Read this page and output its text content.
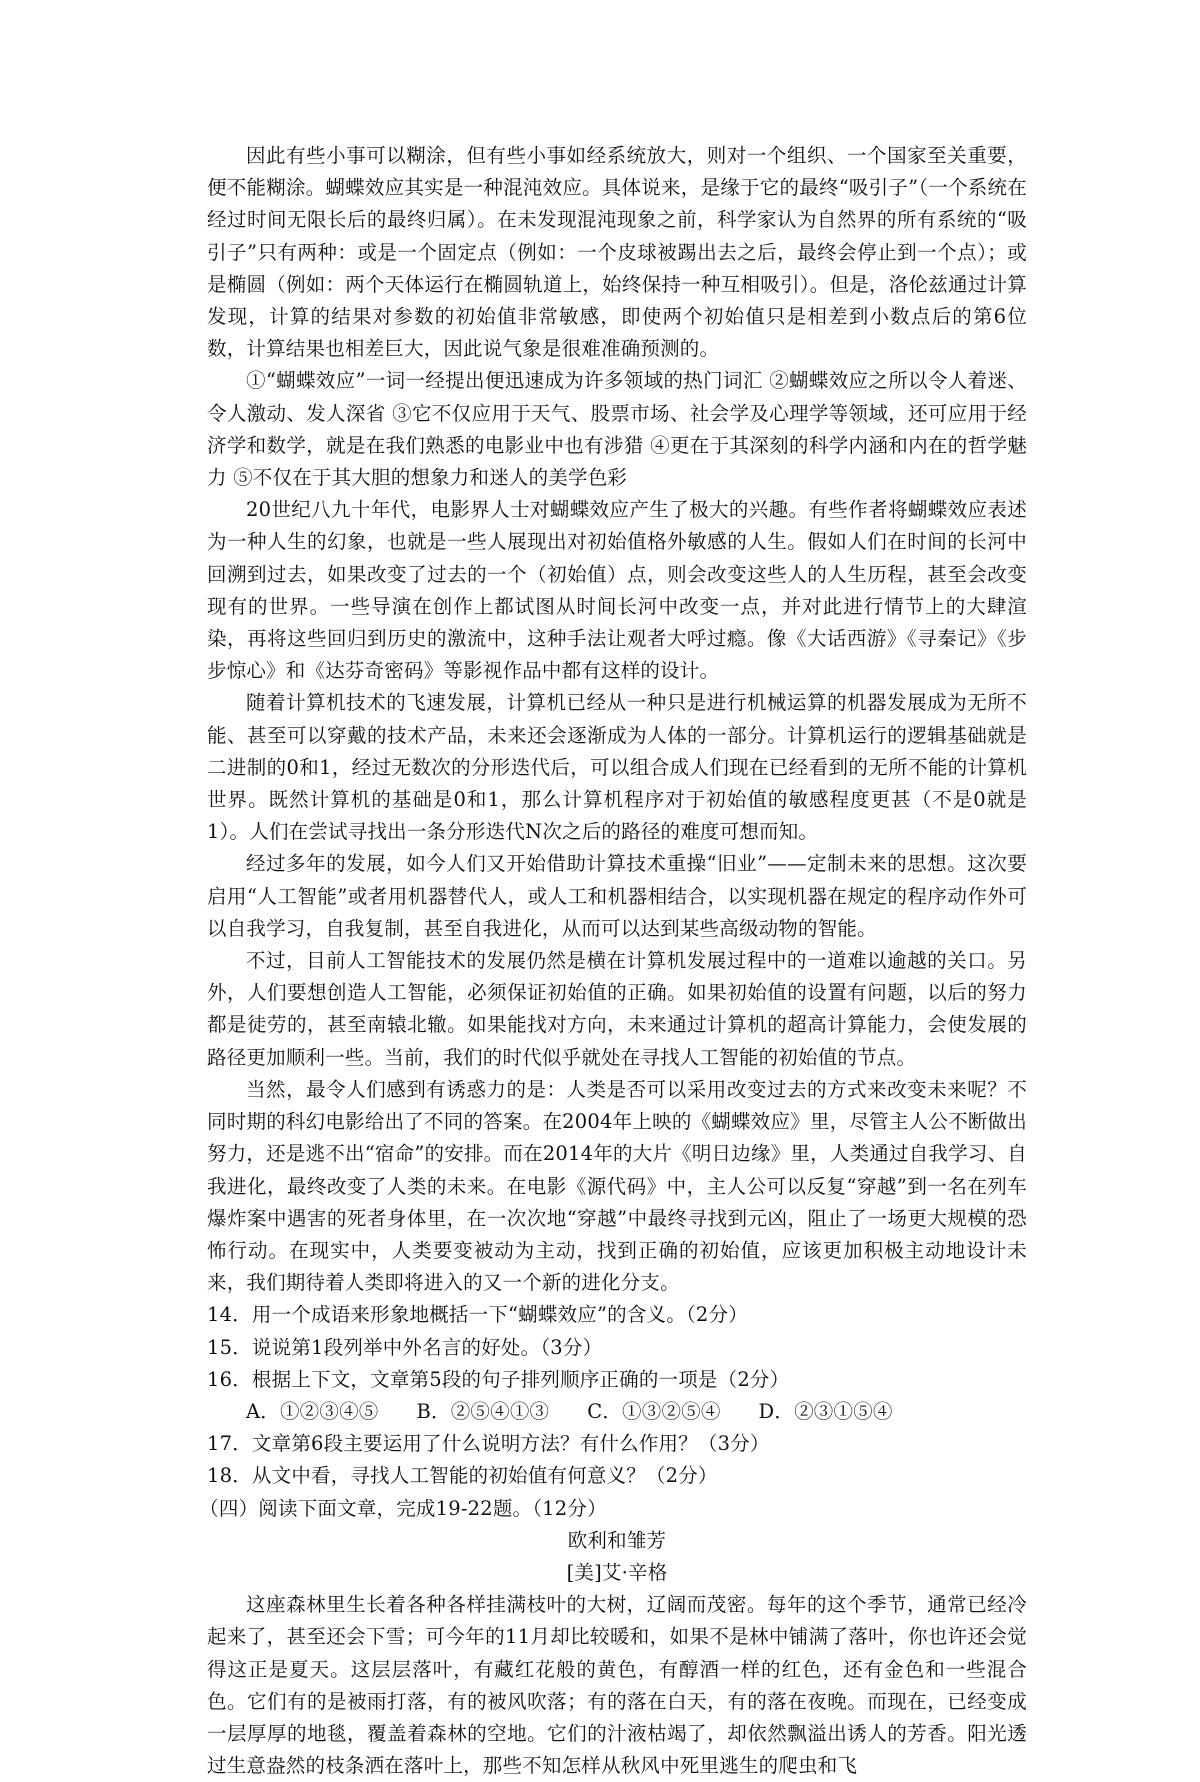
因此有些小事可以糊涂，但有些小事如经系统放大，则对一个组织、一个国家至关重要，便不能糊涂。蝴蝶效应其实是一种混沌效应。具体说来，是缘于它的最终“吸引子”（一个系统在经过时间无限长后的最终归属）。在未发现混沌现象之前，科学家认为自然界的所有系统的“吸引子”只有两种：或是一个固定点（例如：一个皮球被踢出去之后，最终会停止到一个点）；或是椭圆（例如：两个天体运行在椭圆轨道上，始终保持一种互相吸引）。但是，洛伦兹通过计算发现，计算的结果对参数的初始值非常敏感，即使两个初始值只是相差到小数点后的第6位数，计算结果也相差巨大，因此说气象是很难准确预测的。

①“蝴蝶效应”一词一经提出便迅速成为许多领域的热门词汇 ②蝴蝶效应之所以令人着迷、令人激动、发人深省 ③它不仅应用于天气、股票市场、社会学及心理学等领域，还可应用于经济学和数学，就是在我们熟悉的电影业中也有涉猎 ④更在于其深刻的科学内涵和内在的哲学魅力 ⑤不仅在于其大胆的想象力和迷人的美学色彩

20世纪八九十年代，电影界人士对蝴蝶效应产生了极大的兴趣。有些作者将蝴蝶效应表述为一种人生的幻象，也就是一些人展现出对初始值格外敏感的人生。假如人们在时间的长河中回溯到过去，如果改变了过去的一个（初始值）点，则会改变这些人的人生历程，甚至会改变现有的世界。一些导演在创作上都试图从时间长河中改变一点，并对此进行情节上的大肆渲染，再将这些回归到历史的激流中，这种手法让观者大呼过瘾。像《大话西游》《寻秦记》《步步惊心》和《达芬奇密码》等影视作品中都有这样的设计。

随着计算机技术的飞速发展，计算机已经从一种只是进行机械运算的机器发展成为无所不能、甚至可以穿戴的技术产品，未来还会逐渐成为人体的一部分。计算机运行的逻辑基础就是二进制的0和1，经过无数次的分形迭代后，可以组合成人们现在已经看到的无所不能的计算机世界。既然计算机的基础是0和1，那么计算机程序对于初始值的敏感程度更甚（不是0就是1）。人们在尝试寻找出一条分形迭代N次之后的路径的难度可想而知。

经过多年的发展，如今人们又开始借助计算技术重操“旧业”——定制未来的思想。这次要启用“人工智能”或者用机器替代人，或人工和机器相结合，以实现机器在规定的程序动作外可以自我学习，自我复制，甚至自我进化，从而可以达到某些高级动物的智能。

不过，目前人工智能技术的发展仍然是横在计算机发展过程中的一道难以逾越的关口。另外，人们要想创造人工智能，必须保证初始值的正确。如果初始值的设置有问题，以后的努力都是徒劳的，甚至南辕北辙。如果能找对方向，未来通过计算机的超高计算能力，会使发展的路径更加顺利一些。当前，我们的时代似乎就处在寻找人工智能的初始值的节点。

当然，最令人们感到有诱惑力的是：人类是否可以采用改变过去的方式来改变未来呢？不同时期的科幻电影给出了不同的答案。在2004年上映的《蝴蝶效应》里，尽管主人公不断做出努力，还是逃不出“宿命”的安排。而在2014年的大片《明日边缘》里，人类通过自我学习、自我进化，最终改变了人类的未来。在电影《源代码》中，主人公可以反复“穿越”到一名在列车爆炸案中遇害的死者身体里，在一次次地“穿越”中最终寻找到元凶，阻止了一场更大规模的恐怖行动。在现实中，人类要变被动为主动，找到正确的初始值，应该更加积极主动地设计未来，我们期待着人类即将进入的又一个新的进化分支。

14．用一个成语来形象地概括一下“蝴蝶效应”的含义。（2分）

15．说说第1段列举中外名言的好处。（3分）

16．根据上下文，文章第5段的句子排列顺序正确的一项是（2分）

A．①②③④⑤ B．②⑤④①③ C．①③②⑤④ D．②③①⑤④

17．文章第6段主要运用了什么说明方法？有什么作用？（3分）

18．从文中看，寻找人工智能的初始值有何意义？（2分）

（四）阅读下面文章，完成19-22题。（12分）

欧利和雏芳

[美]艾·辛格

这座森林里生长着各种各样挂满枝叶的大树，辽阔而茂密。每年的这个季节，通常已经冷起来了，甚至还会下雪；可今年的11月却比较暖和，如果不是林中铺满了落叶，你也许还会觉得这正是夏天。这层层落叶，有藏红花般的黄色，有醇酒一样的红色，还有金色和一些混合色。它们有的是被雨打落，有的被风吹落；有的落在白天，有的落在夜晚。而现在，已经变成一层厚厚的地毯，覆盖着森林的空地。它们的汁液枯竭了，却依然飘溢出诱人的芳香。阳光透过生意盎然的枝条洒在落叶上，那些不知怎样从秋风中死里逃生的爬虫和飞
